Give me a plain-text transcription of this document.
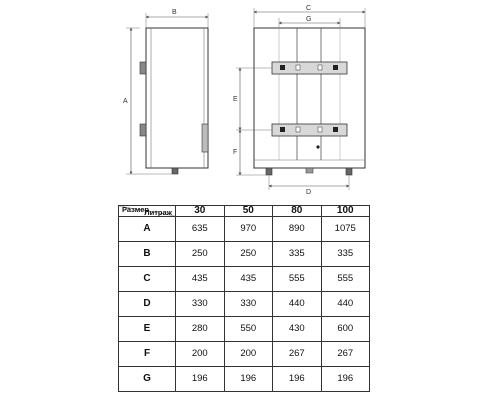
B
A
C
G
E
F
D
Литраж
Размер	30	50	80	100
A	635	970	890	1075
B	250	250	335	335
C	435	435	555	555
D	330	330	440	440
E	280	550	430	600
F	200	200	267	267
G	196	196	196	196
